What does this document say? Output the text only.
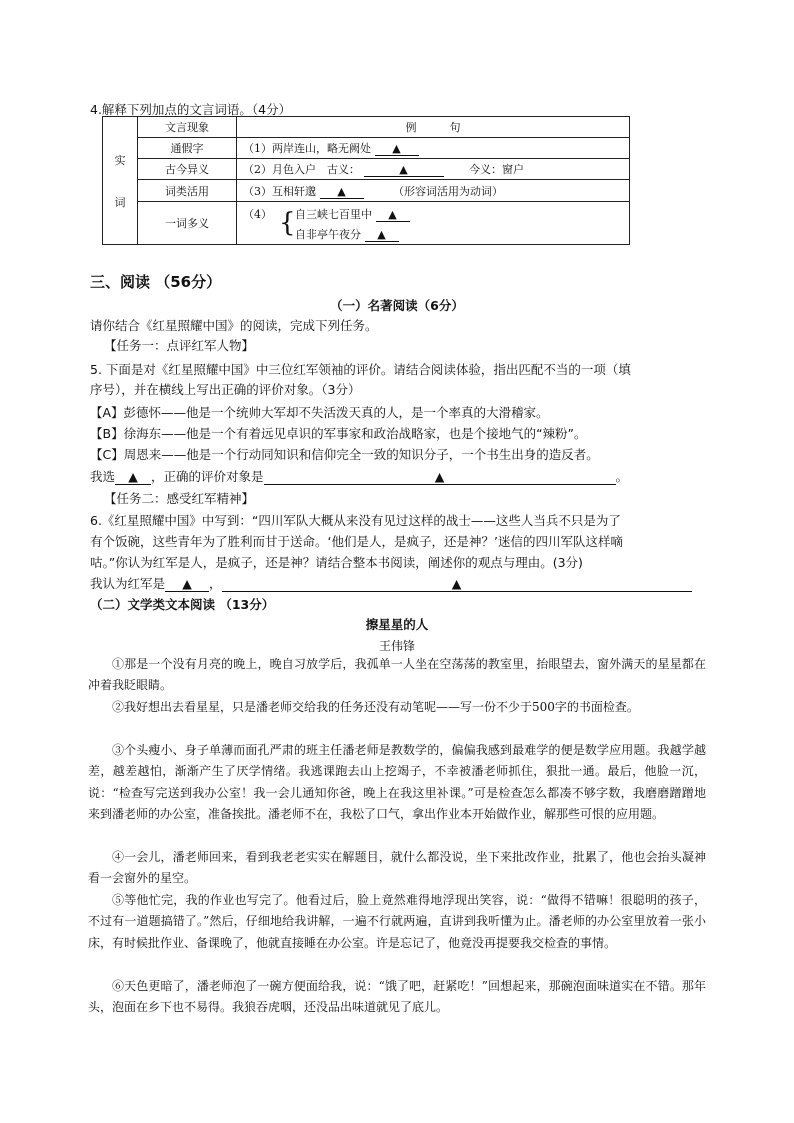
4.解释下列加点的文言词语。（4分）
实
词	文言现象	例　　　句
	通假字	（1）两岸连山，略无阙处 ▲
	古今异义	（2）月色入户　古义： ▲ 今义：窗户
	词类活用	（3）互相轩邈 ▲ （形容词活用为动词）
	一词多义	（4） { 自三峡七百里中 ▲
自非亭午夜分 ▲
三、阅读 （56分）
（一）名著阅读（6分）
请你结合《红星照耀中国》的阅读，完成下列任务。
【任务一：点评红军人物】
5. 下面是对《红星照耀中国》中三位红军领袖的评价。请结合阅读体验，指出匹配不当的一项（填
序号），并在横线上写出正确的评价对象。（3分）
【A】彭德怀——他是一个统帅大军却不失活泼天真的人，是一个率真的大滑稽家。
【B】徐海东——他是一个有着远见卓识的军事家和政治战略家，也是个接地气的“辣粉”。
【C】周恩来——他是一个行动同知识和信仰完全一致的知识分子，一个书生出身的造反者。
我选 ▲ ，正确的评价对象是	▲	。
【任务二：感受红军精神】
6.《红星照耀中国》中写到：“四川军队大概从来没有见过这样的战士——这些人当兵不只是为了
有个饭碗，这些青年为了胜利而甘于送命。‘他们是人，是疯子，还是神？’迷信的四川军队这样嘀
咕。”你认为红军是人，是疯子，还是神？请结合整本书阅读，阐述你的观点与理由。(3分)
我认为红军是 ▲ ，	▲
（二）文学类文本阅读 （13分）
擦星星的人
王伟锋
①那是一个没有月亮的晚上，晚自习放学后，我孤单一人坐在空荡荡的教室里，抬眼望去，窗外满天的星星都在冲着我眨眼睛。
②我好想出去看星星，只是潘老师交给我的任务还没有动笔呢——写一份不少于500字的书面检查。
③个头瘦小、身子单薄而面孔严肃的班主任潘老师是教数学的，偏偏我感到最难学的便是数学应用题。我越学越差，越差越怕，渐渐产生了厌学情绪。我逃课跑去山上挖竭子，不幸被潘老师抓住，狠批一通。最后，他脸一沉，说：“检查写完送到我办公室！我一会儿通知你爸，晚上在我这里补课。”可是检查怎么都凑不够字数，我磨磨蹭蹭地来到潘老师的办公室，准备挨批。潘老师不在，我松了口气，拿出作业本开始做作业，解那些可恨的应用题。
④一会儿，潘老师回来，看到我老老实实在解题目，就什么都没说，坐下来批改作业，批累了，他也会抬头凝神看一会窗外的星空。
⑤等他忙完，我的作业也写完了。他看过后，脸上竟然难得地浮现出笑容，说：“做得不错嘛！很聪明的孩子，不过有一道题搞错了。”然后，仔细地给我讲解，一遍不行就两遍，直讲到我听懂为止。潘老师的办公室里放着一张小床，有时候批作业、备课晚了，他就直接睡在办公室。许是忘记了，他竟没再提要我交检查的事情。
⑥天色更暗了，潘老师泡了一碗方便面给我，说：“饿了吧，赶紧吃！”回想起来，那碗泡面味道实在不错。那年头，泡面在乡下也不易得。我狼吞虎咽，还没品出味道就见了底儿。
